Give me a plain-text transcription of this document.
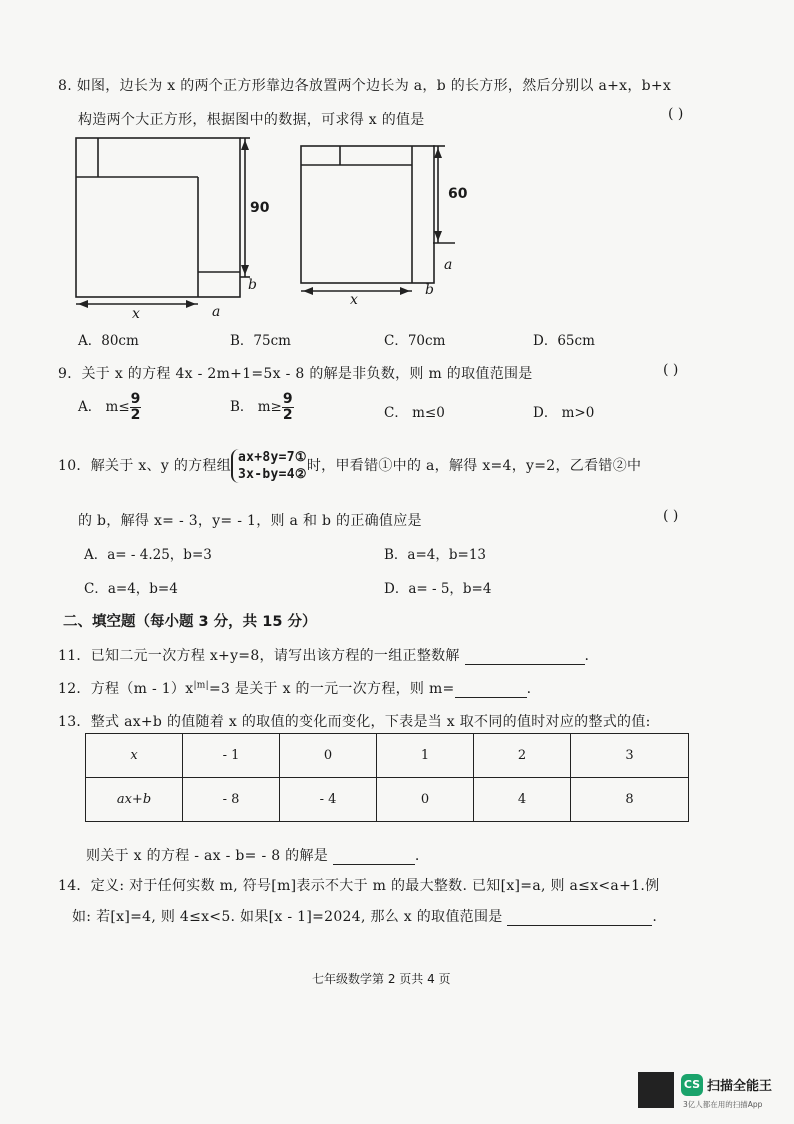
8. 如图，边长为 x 的两个正方形靠边各放置两个边长为 a，b 的长方形，然后分别以 a+x，b+x
构造两个大正方形，根据图中的数据，可求得 x 的值是	( )
90
x	a
b
60
x
a
b
A．80cm	B．75cm	C．70cm	D．65cm
9．关于 x 的方程 4x - 2m+1=5x - 8 的解是非负数，则 m 的取值范围是	( )
A． $m\le \frac{9}{2}$	B． $m\ge \frac{9}{2}$	C． m≤0	D． m>0
10．解关于 x、y 的方程组
ax+8y=7①
3x-by=4②
时，甲看错①中的 a，解得 x=4，y=2，乙看错②中
的 b，解得 x= - 3，y= - 1，则 a 和 b 的正确值应是	( )
A．a= - 4.25，b=3	B．a=4，b=13
C．a=4，b=4	D．a= - 5，b=4
二、填空题（每小题 3 分，共 15 分）
11．已知二元一次方程 x+y=8，请写出该方程的一组正整数解	.
12．方程$(m - 1)x^{|m|}=3$ 是关于 x 的一元一次方程，则 m=	.
13．整式 ax+b 的值随着 x 的取值的变化而变化，下表是当 x 取不同的值时对应的整式的值:
x	- 1	0	1	2	3
ax+b	- 8	- 4	0	4	8
则关于 x 的方程 - ax - b= - 8 的解是	.
14．定义: 对于任何实数 m, 符号[m]表示不大于 m 的最大整数. 已知[x]=a, 则 a≤x<a+1.例
如: 若[x]=4, 则 4≤x<5. 如果[x - 1]=2024, 那么 x 的取值范围是	.
七年级数学第 2 页共 4 页
CS 扫描全能王
3亿人都在用的扫描App
